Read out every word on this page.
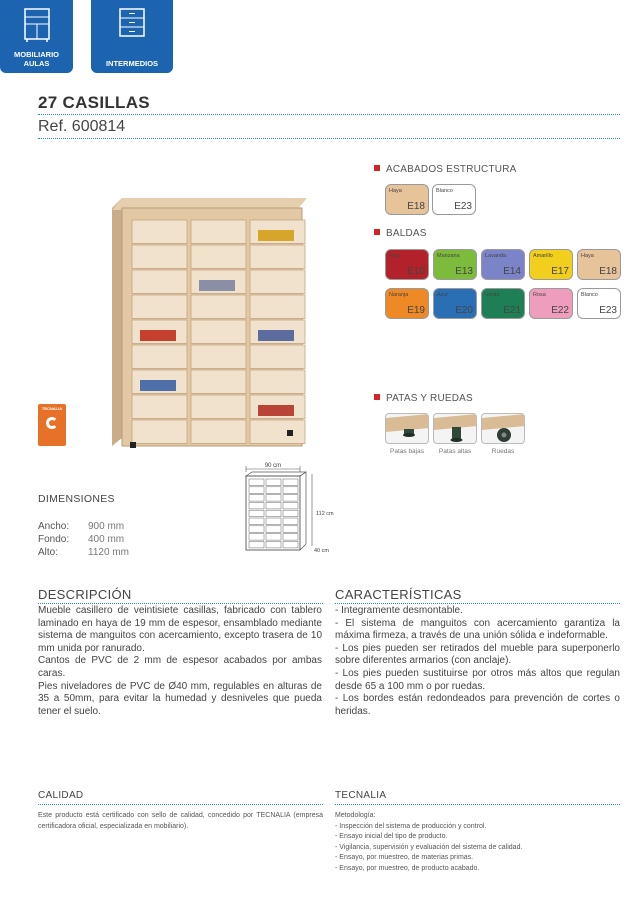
MOBILIARIO
AULAS	INTERMEDIOS
27 CASILLAS
Ref. 600814
TECNALIA
ACABADOS ESTRUCTURA
Haya
E18
Blanco
E23
BALDAS
Rojo
E10
Manzana
E13
Lavanda
E14
Amarillo
E17
Haya
E18
Naranja
E19
Azul
E20
Verde
E21
Rosa
E22
Blanco
E23
PATAS Y RUEDAS
Patas bajas	Patas altas	Ruedas
90 cm
112 cm
40 cm
DIMENSIONES
Ancho: 900 mm
Fondo: 400 mm
Alto:	1120 mm
DESCRIPCIÓN

Mueble casillero de veintisiete casillas, fabricado con tablero laminado en haya de 19 mm de espesor, ensamblado mediante sistema de manguitos con acercamiento, excepto trasera de 10 mm unida por ranurado.

Cantos de PVC de 2 mm de espesor acabados por ambas caras.

Pies niveladores de PVC de Ø40 mm, regulables en alturas de 35 a 50mm, para evitar la humedad y desniveles que pueda tener el suelo.

CARACTERÍSTICAS

- Integramente desmontable.

- El sistema de manguitos con acercamiento garantiza la máxima firmeza, a través de una unión sólida e indeformable.

- Los pies pueden ser retirados del mueble para superponerlo sobre diferentes armarios (con anclaje).

- Los pies pueden sustituirse por otros más altos que regulan desde 65 a 100 mm o por ruedas.

- Los bordes están redondeados para prevención de cortes o heridas.

CALIDAD
Este producto está certificado con sello de calidad, concedido por TECNALIA (empresa certificadora oficial, especializada en mobiliario).
TECNALIA
Metodología:
- Inspección del sistema de producción y control.
- Ensayo inicial del tipo de producto.
- Vigilancia, supervisión y evaluación del sistema de calidad.
- Ensayo, por muestreo, de materias primas.
- Ensayo, por muestreo, de producto acabado.
